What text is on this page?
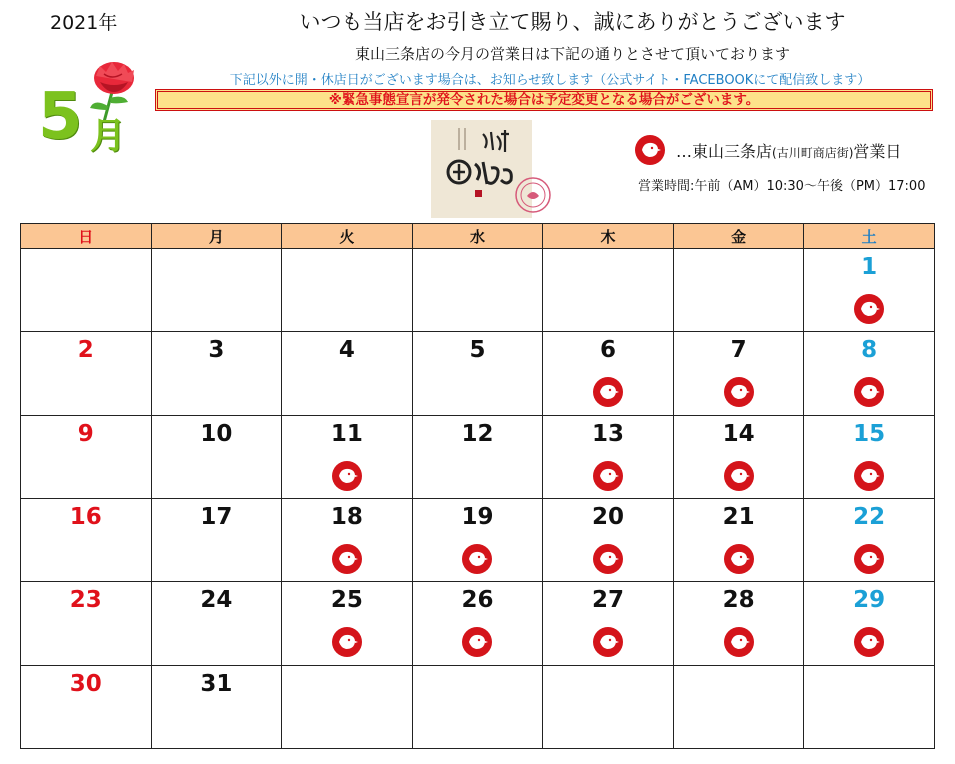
2021年	いつも当店をお引き立て賜り、誠にありがとうございます
東山三条店の今月の営業日は下記の通りとさせて頂いております
下記以外に開・休店日がございます場合は、お知らせ致します（公式サイト・FACEBOOKにて配信致します）
※緊急事態宣言が発令された場合は予定変更となる場合がございます。
5 月	…東山三条店(古川町商店街)営業日
営業時間:午前（AM）10:30〜午後（PM）17:00
日	月	火	水	木	金	土

						1

2	3	4	5	6	7	8

9	10	11	12	13	14	15

16	17	18	19	20	21	22

23	24	25	26	27	28	29

30	31					
